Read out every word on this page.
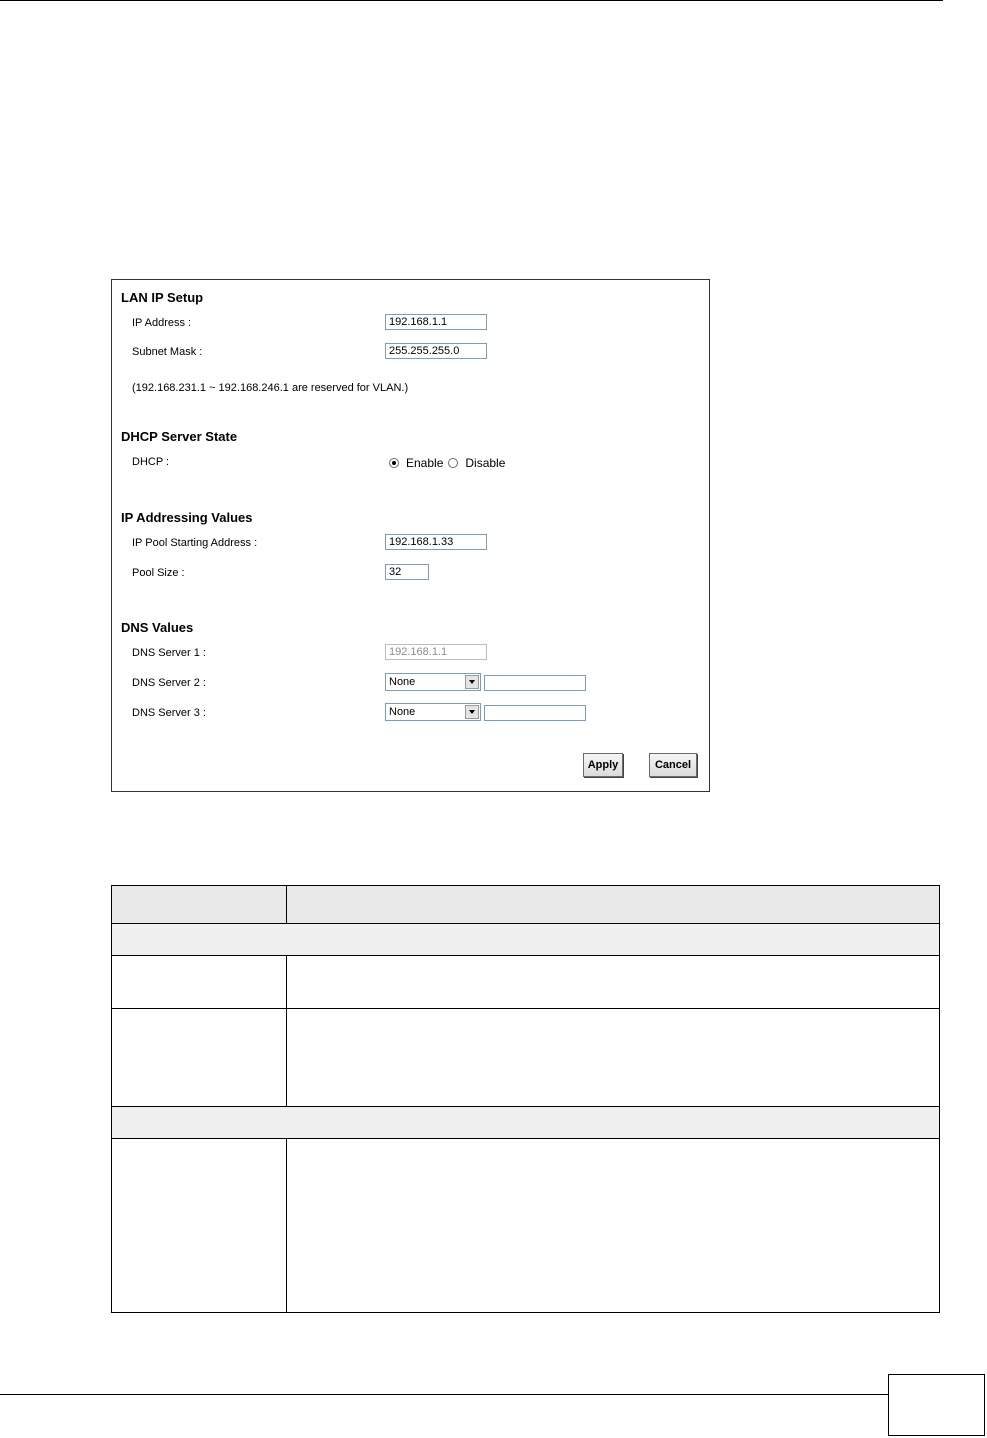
LAN IP Setup
IP Address :
192.168.1.1
Subnet Mask :
255.255.255.0
(192.168.231.1 ~ 192.168.246.1 are reserved for VLAN.)
DHCP Server State
DHCP :	Enable Disable
IP Addressing Values
IP Pool Starting Address :
192.168.1.33
Pool Size :
32
DNS Values
DNS Server 1 :
192.168.1.1
DNS Server 2 :	None
DNS Server 3 :	None
Apply	Cancel
